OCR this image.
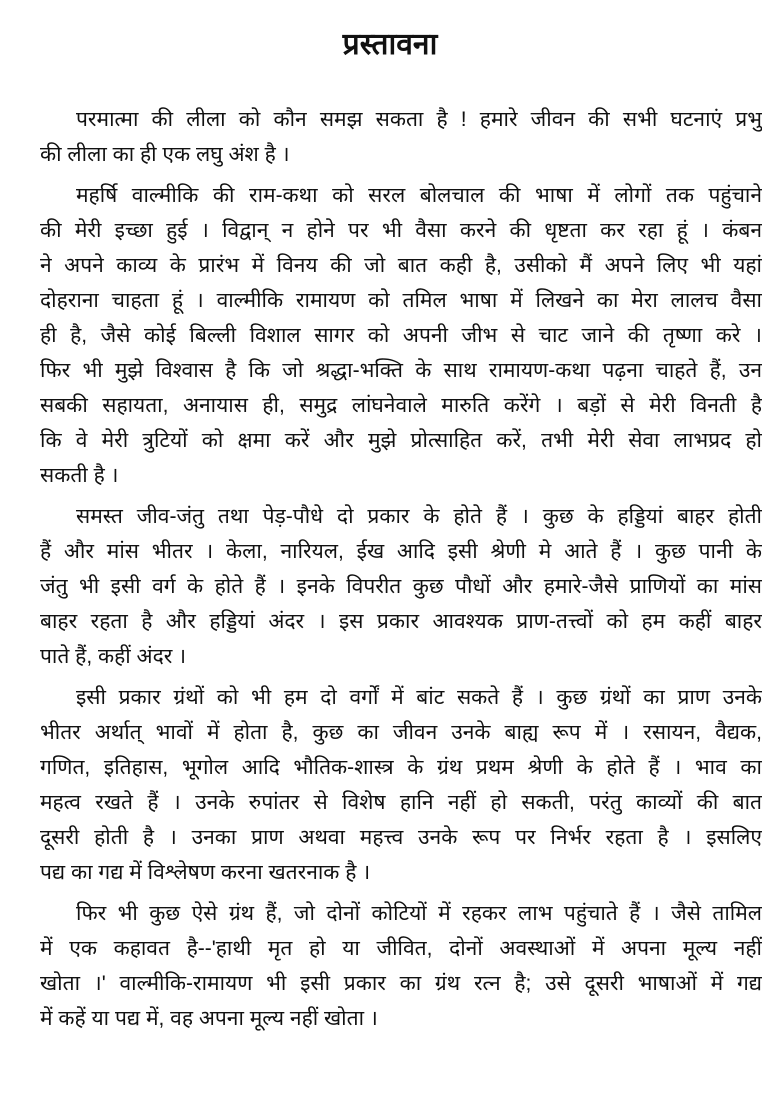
प्रस्तावना
परमात्मा की लीला को कौन समझ सकता है ! हमारे जीवन की सभी घटनाएं प्रभु
की लीला का ही एक लघु अंश है ।
महर्षि वाल्मीकि की राम-कथा को सरल बोलचाल की भाषा में लोगों तक पहुंचाने
की मेरी इच्छा हुई । विद्वान् न होने पर भी वैसा करने की धृष्टता कर रहा हूं । कंबन
ने अपने काव्य के प्रारंभ में विनय की जो बात कही है, उसीको मैं अपने लिए भी यहां
दोहराना चाहता हूं । वाल्मीकि रामायण को तमिल भाषा में लिखने का मेरा लालच वैसा
ही है, जैसे कोई बिल्ली विशाल सागर को अपनी जीभ से चाट जाने की तृष्णा करे ।
फिर भी मुझे विश्वास है कि जो श्रद्धा-भक्ति के साथ रामायण-कथा पढ़ना चाहते हैं, उन
सबकी सहायता, अनायास ही, समुद्र लांघनेवाले मारुति करेंगे । बड़ों से मेरी विनती है
कि वे मेरी त्रुटियों को क्षमा करें और मुझे प्रोत्साहित करें, तभी मेरी सेवा लाभप्रद हो
सकती है ।
समस्त जीव-जंतु तथा पेड़-पौधे दो प्रकार के होते हैं । कुछ के हड्डियां बाहर होती
हैं और मांस भीतर । केला, नारियल, ईख आदि इसी श्रेणी मे आते हैं । कुछ पानी के
जंतु भी इसी वर्ग के होते हैं । इनके विपरीत कुछ पौधों और हमारे-जैसे प्राणियों का मांस
बाहर रहता है और हड्डियां अंदर । इस प्रकार आवश्यक प्राण-तत्त्वों को हम कहीं बाहर
पाते हैं, कहीं अंदर ।
इसी प्रकार ग्रंथों को भी हम दो वर्गों में बांट सकते हैं । कुछ ग्रंथों का प्राण उनके
भीतर अर्थात् भावों में होता है, कुछ का जीवन उनके बाह्य रूप में । रसायन, वैद्यक,
गणित, इतिहास, भूगोल आदि भौतिक-शास्त्र के ग्रंथ प्रथम श्रेणी के होते हैं । भाव का
महत्व रखते हैं । उनके रुपांतर से विशेष हानि नहीं हो सकती, परंतु काव्यों की बात
दूसरी होती है । उनका प्राण अथवा महत्त्व उनके रूप पर निर्भर रहता है । इसलिए
पद्य का गद्य में विश्लेषण करना खतरनाक है ।
फिर भी कुछ ऐसे ग्रंथ हैं, जो दोनों कोटियों में रहकर लाभ पहुंचाते हैं । जैसे तामिल
में एक कहावत है--'हाथी मृत हो या जीवित, दोनों अवस्थाओं में अपना मूल्य नहीं
खोता ।' वाल्मीकि-रामायण भी इसी प्रकार का ग्रंथ रत्न है; उसे दूसरी भाषाओं में गद्य
में कहें या पद्य में, वह अपना मूल्य नहीं खोता ।
